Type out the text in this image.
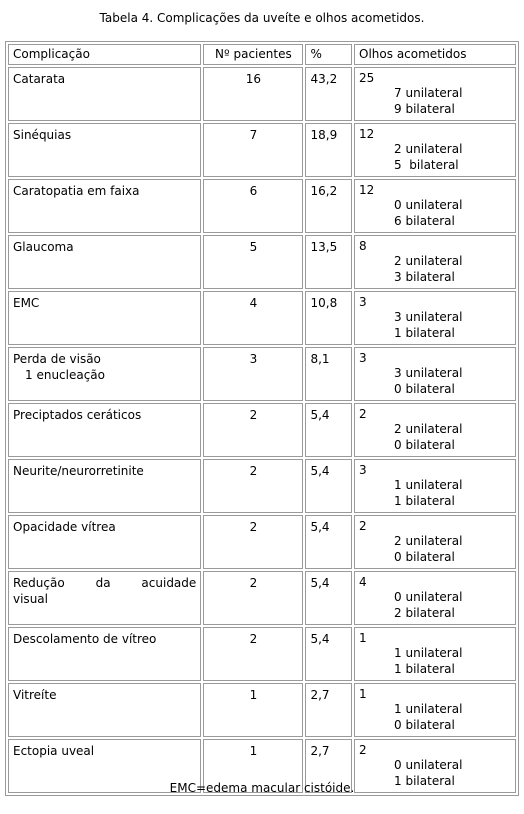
Tabela 4. Complicações da uveíte e olhos acometidos.
Complicação	Nº pacientes	%	Olhos acometidos

Catarata	16	43,2	25
7 unilateral
9 bilateral

Sinéquias	7	18,9	12
2 unilateral
5  bilateral

Caratopatia em faixa	6	16,2	12
0 unilateral
6 bilateral

Glaucoma	5	13,5	8
2 unilateral
3 bilateral

EMC	4	10,8	3
3 unilateral
1 bilateral

Perda de visão
1 enucleação	3	8,1	3
3 unilateral
0 bilateral

Preciptados ceráticos	2	5,4	2
2 unilateral
0 bilateral

Neurite/neurorretinite	2	5,4	3
1 unilateral
1 bilateral

Opacidade vítrea	2	5,4	2
2 unilateral
0 bilateral

Redução da acuidade
visual	2	5,4	4
0 unilateral
2 bilateral

Descolamento de vítreo	2	5,4	1
1 unilateral
1 bilateral

Vitreíte	1	2,7	1
1 unilateral
0 bilateral

Ectopia uveal	1	2,7	2
0 unilateral
1 bilateral
EMC=edema macular cistóide.
